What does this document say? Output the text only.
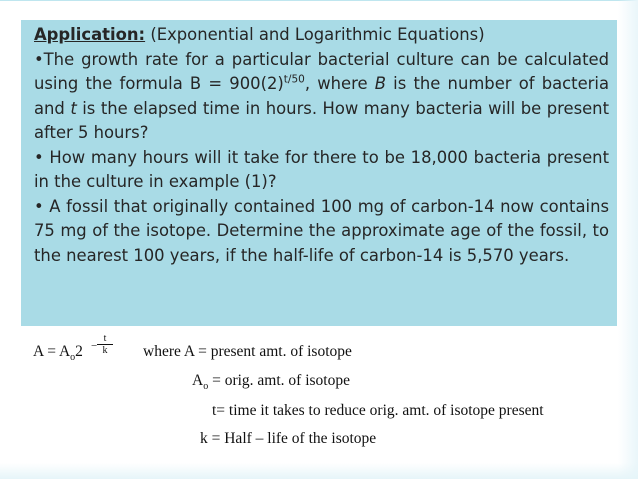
Application: (Exponential and Logarithmic Equations)

•The growth rate for a particular bacterial culture can be calculated using the formula $B = 900(2)^{t/50}$, where B is the number of bacteria and t is the elapsed time in hours. How many bacteria will be present after 5 hours?

• How many hours will it take for there to be 18,000 bacteria present in the culture in example (1)?

• A fossil that originally contained 100 mg of carbon-14 now contains 75 mg of the isotope. Determine the approximate age of the fossil, to the nearest 100 years, if the half-life of carbon-14 is 5,570 years.

$A = A_o2$ −
t
k	where A = present amt. of isotope
$A_o$ = orig. amt. of isotope
t= time it takes to reduce orig. amt. of isotope present
k = Half – life of the isotope
